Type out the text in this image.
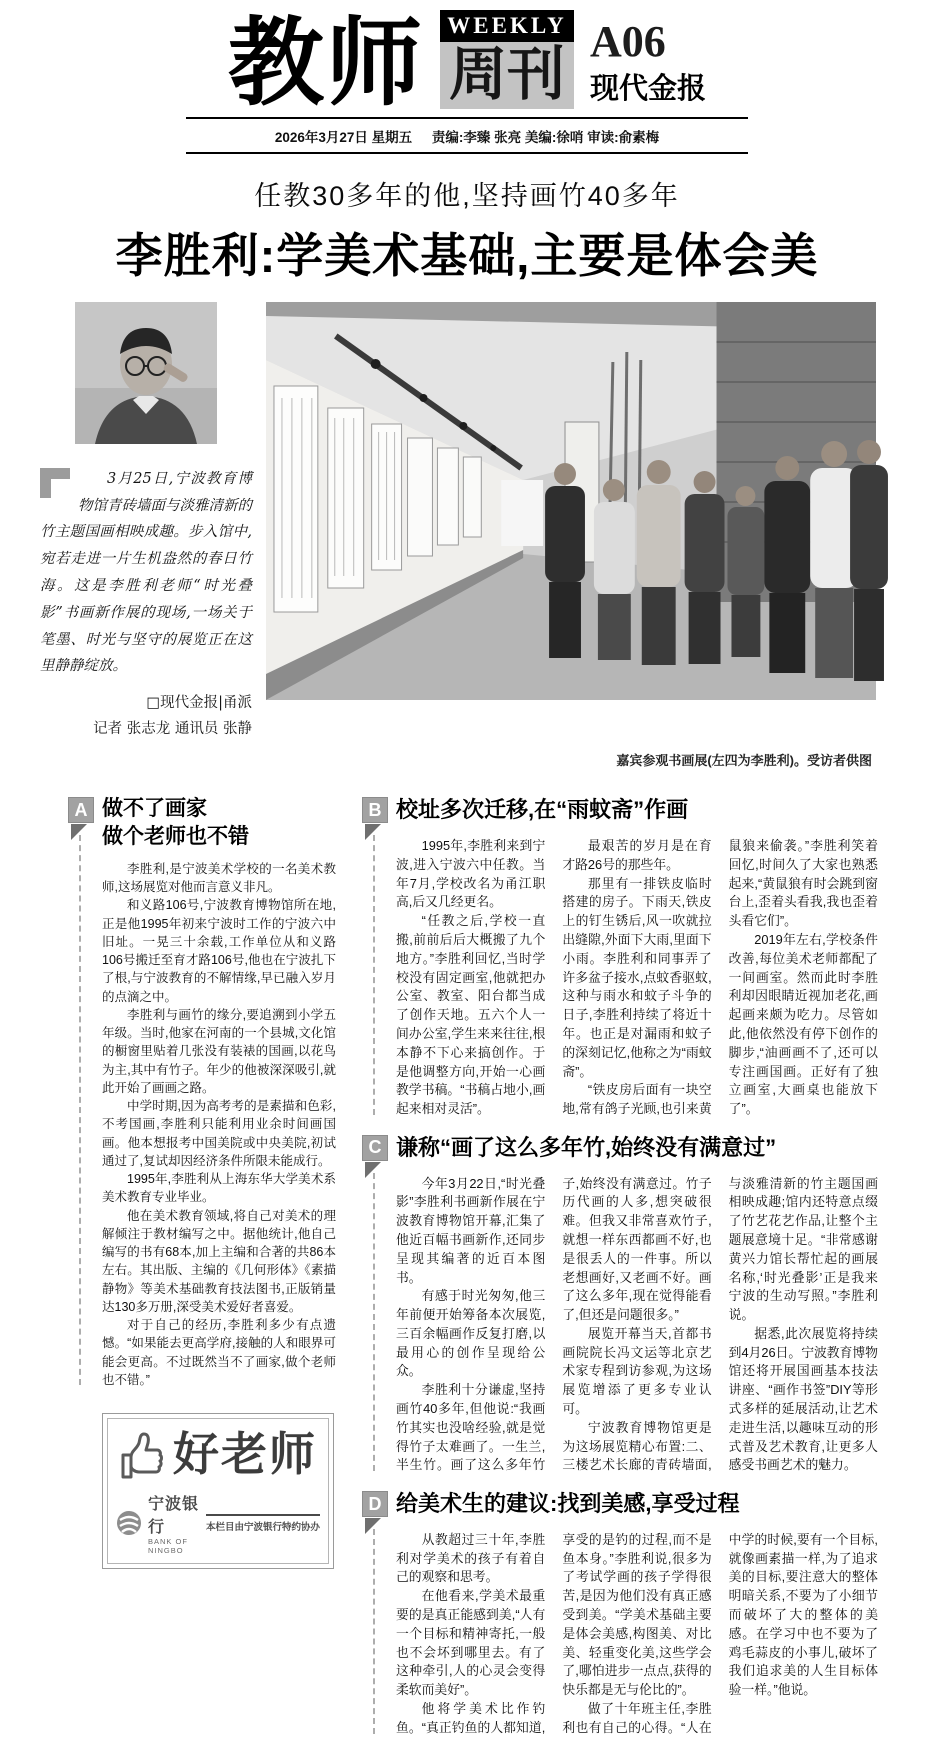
教师	WEEKLY
周刊
A06
现代金报
2026年3月27日 星期五 责编:李臻 张亮 美编:徐哨 审读:俞素梅
任教30多年的他,坚持画竹40多年
李胜利:学美术基础,主要是体会美
3月25日,宁波教育博物馆青砖墙面与淡雅清新的竹主题国画相映成趣。步入馆中,宛若走进一片生机盎然的春日竹海。这是李胜利老师“时光叠影”书画新作展的现场,一场关于笔墨、时光与坚守的展览正在这里静静绽放。
□现代金报|甬派
记者 张志龙 通讯员 张静
嘉宾参观书画展(左四为李胜利)。受访者供图
A 做不了画家
做个老师也不错

李胜利,是宁波美术学校的一名美术教师,这场展览对他而言意义非凡。

和义路106号,宁波教育博物馆所在地,正是他1995年初来宁波时工作的宁波六中旧址。一晃三十余载,工作单位从和义路106号搬迁至育才路106号,他也在宁波扎下了根,与宁波教育的不解情缘,早已融入岁月的点滴之中。

李胜利与画竹的缘分,要追溯到小学五年级。当时,他家在河南的一个县城,文化馆的橱窗里贴着几张没有装裱的国画,以花鸟为主,其中有竹子。年少的他被深深吸引,就此开始了画画之路。

中学时期,因为高考考的是素描和色彩,不考国画,李胜利只能利用业余时间画国画。他本想报考中国美院或中央美院,初试通过了,复试却因经济条件所限未能成行。

1995年,李胜利从上海东华大学美术系美术教育专业毕业。

他在美术教育领域,将自己对美术的理解倾注于教材编写之中。据他统计,他自己编写的书有68本,加上主编和合著的共86本左右。其出版、主编的《几何形体》《素描静物》等美术基础教育技法图书,正版销量达130多万册,深受美术爱好者喜爱。

对于自己的经历,李胜利多少有点遗憾。“如果能去更高学府,接触的人和眼界可能会更高。不过既然当不了画家,做个老师也不错。”

好老师
宁波银行
BANK OF NINGBO
本栏目由宁波银行特约协办
B 校址多次迁移,在“雨蚊斋”作画

1995年,李胜利来到宁波,进入宁波六中任教。当年7月,学校改名为甬江职高,后又几经更名。

“任教之后,学校一直搬,前前后后大概搬了九个地方。”李胜利回忆,当时学校没有固定画室,他就把办公室、教室、阳台都当成了创作天地。五六个人一间办公室,学生来来往往,根本静不下心来搞创作。于是他调整方向,开始一心画教学书稿。“书稿占地小,画起来相对灵活”。

最艰苦的岁月是在育才路26号的那些年。

那里有一排铁皮临时搭建的房子。下雨天,铁皮上的钉生锈后,风一吹就拉出缝隙,外面下大雨,里面下小雨。李胜利和同事弄了许多盆子接水,点蚊香驱蚊,这种与雨水和蚊子斗争的日子,李胜利持续了将近十年。也正是对漏雨和蚊子的深刻记忆,他称之为“雨蚊斋”。

“铁皮房后面有一块空地,常有鸽子光顾,也引来黄鼠狼来偷袭。”李胜利笑着回忆,时间久了大家也熟悉起来,“黄鼠狼有时会跳到窗台上,歪着头看我,我也歪着头看它们”。

2019年左右,学校条件改善,每位美术老师都配了一间画室。然而此时李胜利却因眼睛近视加老花,画起画来颇为吃力。尽管如此,他依然没有停下创作的脚步,“油画画不了,还可以专注画国画。正好有了独立画室,大画桌也能放下了”。

C 谦称“画了这么多年竹,始终没有满意过”

今年3月22日,“时光叠影”李胜利书画新作展在宁波教育博物馆开幕,汇集了他近百幅书画新作,还同步呈现其编著的近百本图书。

有感于时光匆匆,他三年前便开始筹备本次展览,三百余幅画作反复打磨,以最用心的创作呈现给公众。

李胜利十分谦虚,坚持画竹40多年,但他说:“我画竹其实也没啥经验,就是觉得竹子太难画了。一生兰,半生竹。画了这么多年竹子,始终没有满意过。竹子历代画的人多,想突破很难。但我又非常喜欢竹子,就想一样东西都画不好,也是很丢人的一件事。所以老想画好,又老画不好。画了这么多年,现在觉得能看了,但还是问题很多。”

展览开幕当天,首都书画院院长冯文运等北京艺术家专程到访参观,为这场展览增添了更多专业认可。

宁波教育博物馆更是为这场展览精心布置:二、三楼艺术长廊的青砖墙面,与淡雅清新的竹主题国画相映成趣;馆内还特意点缀了竹艺花艺作品,让整个主题展意境十足。“非常感谢黄兴力馆长帮忙起的画展名称,‘时光叠影’正是我来宁波的生动写照。”李胜利说。

据悉,此次展览将持续到4月26日。宁波教育博物馆还将开展国画基本技法讲座、“画作书签”DIY等形式多样的延展活动,让艺术走进生活,以趣味互动的形式普及艺术教育,让更多人感受书画艺术的魅力。

D 给美术生的建议:找到美感,享受过程

从教超过三十年,李胜利对学美术的孩子有着自己的观察和思考。

在他看来,学美术最重要的是真正能感到美,“人有一个目标和精神寄托,一般也不会坏到哪里去。有了这种牵引,人的心灵会变得柔软而美好”。

他将学美术比作钓鱼。“真正钓鱼的人都知道,享受的是钓的过程,而不是鱼本身。”李胜利说,很多为了考试学画的孩子学得很苦,是因为他们没有真正感受到美。“学美术基础主要是体会美感,构图美、对比美、轻重变化美,这些学会了,哪怕进步一点点,获得的快乐都是无与伦比的”。

做了十年班主任,李胜利也有自己的心得。“人在中学的时候,要有一个目标,就像画素描一样,为了追求美的目标,要注意大的整体明暗关系,不要为了小细节而破坏了大的整体的美感。在学习中也不要为了鸡毛蒜皮的小事儿,破坏了我们追求美的人生目标体验一样。”他说。
